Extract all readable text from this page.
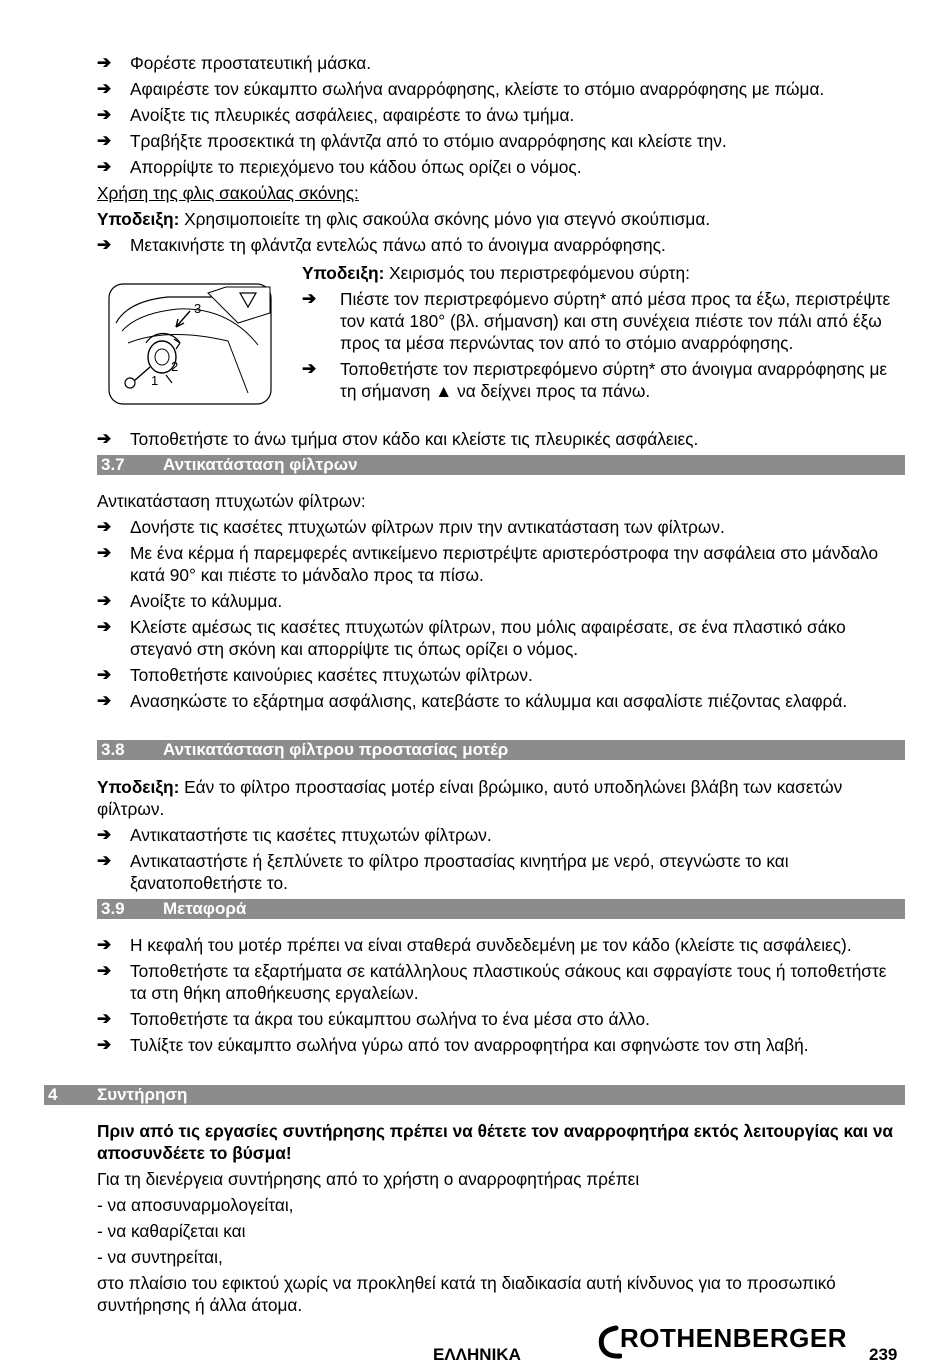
➔ Φορέστε προστατευτική μάσκα.
➔ Αφαιρέστε τον εύκαμπτο σωλήνα αναρρόφησης, κλείστε το στόμιο αναρρόφησης με πώμα.
➔ Ανοίξτε τις πλευρικές ασφάλειες, αφαιρέστε το άνω τμήμα.
➔ Τραβήξτε προσεκτικά τη φλάντζα από το στόμιο αναρρόφησης και κλείστε την.
➔ Απορρίψτε το περιεχόμενο του κάδου όπως ορίζει ο νόμος.
Χρήση της φλις σακούλας σκόνης:
Υποδειξη: Χρησιμοποιείτε τη φλις σακούλα σκόνης μόνο για στεγνό σκούπισμα.
➔ Μετακινήστε τη φλάντζα εντελώς πάνω από το άνοιγμα αναρρόφησης.
Υποδειξη: Χειρισμός του περιστρεφόμενου σύρτη:
➔ Πιέστε τον περιστρεφόμενο σύρτη* από μέσα προς τα έξω, περιστρέψτε τον κατά 180° (βλ. σήμανση) και στη συνέχεια πιέστε τον πάλι από έξω προς τα μέσα περνώντας τον από το στόμιο αναρρόφησης.
➔ Τοποθετήστε τον περιστρεφόμενο σύρτη* στο άνοιγμα αναρρόφησης με τη σήμανση ▲ να δείχνει προς τα πάνω.
3
2
1
➔ Τοποθετήστε το άνω τμήμα στον κάδο και κλείστε τις πλευρικές ασφάλειες.
3.7 Αντικατάσταση φίλτρων
Αντικατάσταση πτυχωτών φίλτρων:
➔ Δονήστε τις κασέτες πτυχωτών φίλτρων πριν την αντικατάσταση των φίλτρων.
➔ Με ένα κέρμα ή παρεμφερές αντικείμενο περιστρέψτε αριστερόστροφα την ασφάλεια στο μάνδαλο κατά 90° και πιέστε το μάνδαλο προς τα πίσω.
➔ Ανοίξτε το κάλυμμα.
➔ Κλείστε αμέσως τις κασέτες πτυχωτών φίλτρων, που μόλις αφαιρέσατε, σε ένα πλαστικό σάκο στεγανό στη σκόνη και απορρίψτε τις όπως ορίζει ο νόμος.
➔ Τοποθετήστε καινούριες κασέτες πτυχωτών φίλτρων.
➔ Ανασηκώστε το εξάρτημα ασφάλισης, κατεβάστε το κάλυμμα και ασφαλίστε πιέζοντας ελαφρά.
3.8 Αντικατάσταση φίλτρου προστασίας μοτέρ
Υποδειξη: Εάν το φίλτρο προστασίας μοτέρ είναι βρώμικο, αυτό υποδηλώνει βλάβη των κασετών φίλτρων.
➔ Αντικαταστήστε τις κασέτες πτυχωτών φίλτρων.
➔ Αντικαταστήστε ή ξεπλύνετε το φίλτρο προστασίας κινητήρα με νερό, στεγνώστε το και ξανατοποθετήστε το.
3.9 Μεταφορά
➔ Η κεφαλή του μοτέρ πρέπει να είναι σταθερά συνδεδεμένη με τον κάδο (κλείστε τις ασφάλειες).
➔ Τοποθετήστε τα εξαρτήματα σε κατάλληλους πλαστικούς σάκους και σφραγίστε τους ή τοποθετήστε τα στη θήκη αποθήκευσης εργαλείων.
➔ Τοποθετήστε τα άκρα του εύκαμπτου σωλήνα το ένα μέσα στο άλλο.
➔ Τυλίξτε τον εύκαμπτο σωλήνα γύρω από τον αναρροφητήρα και σφηνώστε τον στη λαβή.
4 Συντήρηση
Πριν από τις εργασίες συντήρησης πρέπει να θέτετε τον αναρροφητήρα εκτός λειτουργίας και να αποσυνδέετε το βύσμα!
Για τη διενέργεια συντήρησης από το χρήστη ο αναρροφητήρας πρέπει
- να αποσυναρμολογείται,
- να καθαρίζεται και
- να συντηρείται,
στο πλαίσιο του εφικτού χωρίς να προκληθεί κατά τη διαδικασία αυτή κίνδυνος για το προσωπικό συντήρησης ή άλλα άτομα.
ΕΛΛΗΝΙΚΑ
ROTHENBERGER
239
